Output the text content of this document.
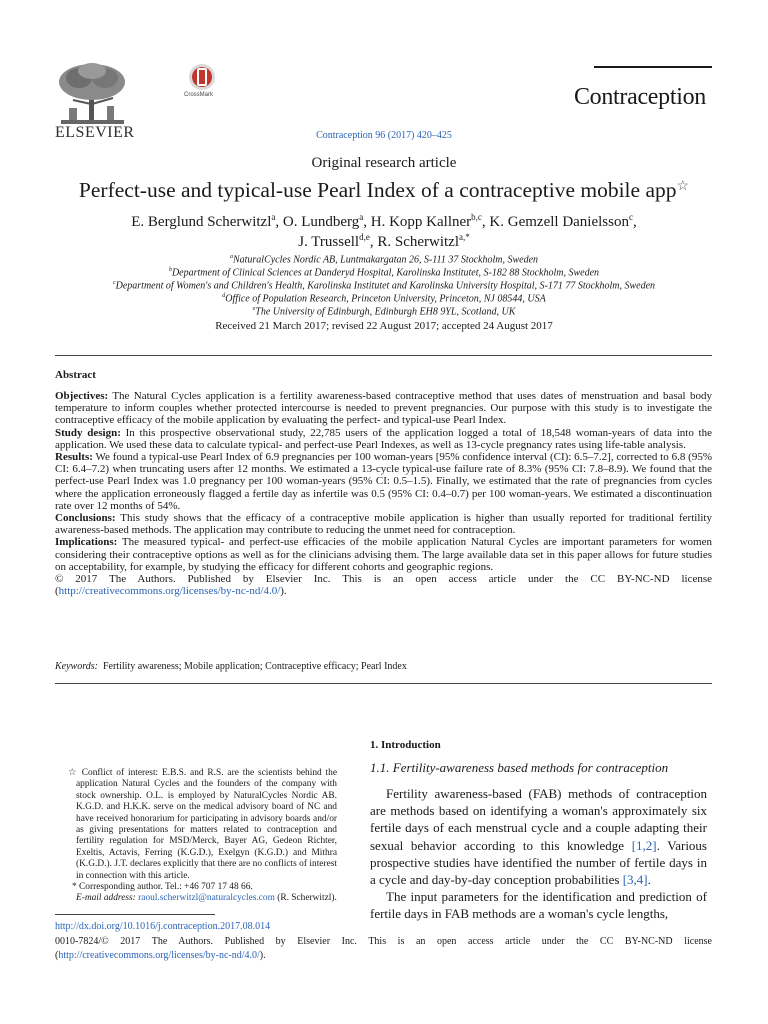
ELSEVIER
CrossMark
Contraception 96 (2017) 420–425
Contraception
Original research article
Perfect-use and typical-use Pearl Index of a contraceptive mobile app☆
E. Berglund Scherwitzl$^a$, O. Lundberg$^a$, H. Kopp Kallner$^{b,c}$, K. Gemzell Danielsson$^c$,
J. Trussell$^{d,e}$, R. Scherwitzl$^{a,*}$
$^a$NaturalCycles Nordic AB, Luntmakargatan 26, S-111 37 Stockholm, Sweden
$^b$Department of Clinical Sciences at Danderyd Hospital, Karolinska Institutet, S-182 88 Stockholm, Sweden
$^c$Department of Women's and Children's Health, Karolinska Institutet and Karolinska University Hospital, S-171 77 Stockholm, Sweden
$^d$Office of Population Research, Princeton University, Princeton, NJ 08544, USA
$^e$The University of Edinburgh, Edinburgh EH8 9YL, Scotland, UK
Received 21 March 2017; revised 22 August 2017; accepted 24 August 2017
Abstract

Objectives: The Natural Cycles application is a fertility awareness-based contraceptive method that uses dates of menstruation and basal body temperature to inform couples whether protected intercourse is needed to prevent pregnancies. Our purpose with this study is to investigate the contraceptive efficacy of the mobile application by evaluating the perfect- and typical-use Pearl Index.

Study design: In this prospective observational study, 22,785 users of the application logged a total of 18,548 woman-years of data into the application. We used these data to calculate typical- and perfect-use Pearl Indexes, as well as 13-cycle pregnancy rates using life-table analysis.

Results: We found a typical-use Pearl Index of 6.9 pregnancies per 100 woman-years [95% confidence interval (CI): 6.5–7.2], corrected to 6.8 (95% CI: 6.4–7.2) when truncating users after 12 months. We estimated a 13-cycle typical-use failure rate of 8.3% (95% CI: 7.8–8.9). We found that the perfect-use Pearl Index was 1.0 pregnancy per 100 woman-years (95% CI: 0.5–1.5). Finally, we estimated that the rate of pregnancies from cycles where the application erroneously flagged a fertile day as infertile was 0.5 (95% CI: 0.4–0.7) per 100 woman-years. We estimated a discontinuation rate over 12 months of 54%.

Conclusions: This study shows that the efficacy of a contraceptive mobile application is higher than usually reported for traditional fertility awareness-based methods. The application may contribute to reducing the unmet need for contraception.

Implications: The measured typical- and perfect-use efficacies of the mobile application Natural Cycles are important parameters for women considering their contraceptive options as well as for the clinicians advising them. The large available data set in this paper allows for future studies on acceptability, for example, by studying the efficacy for different cohorts and geographic regions.

© 2017 The Authors. Published by Elsevier Inc. This is an open access article under the CC BY-NC-ND license (http://creativecommons.org/licenses/by-nc-nd/4.0/).

Keywords: Fertility awareness; Mobile application; Contraceptive efficacy; Pearl Index

☆ Conflict of interest: E.B.S. and R.S. are the scientists behind the application Natural Cycles and the founders of the company with stock ownership. O.L. is employed by NaturalCycles Nordic AB. K.G.D. and H.K.K. serve on the medical advisory board of NC and have received honorarium for participating in advisory boards and/or as giving presentations for matters related to contraception and fertility regulation for MSD/Merck, Bayer AG, Gedeon Richter, Exeltis, Actavis, Ferring (K.G.D.), Exelgyn (K.G.D.) and Mithra (K.G.D.). J.T. declares explicitly that there are no conflicts of interest in connection with this article.

* Corresponding author. Tel.: +46 707 17 48 66.

E-mail address: raoul.scherwitzl@naturalcycles.com (R. Scherwitzl).

1. Introduction
1.1. Fertility-awareness based methods for contraception

Fertility awareness-based (FAB) methods of contraception are methods based on identifying a woman's approximately six fertile days of each menstrual cycle and a couple adapting their sexual behavior according to this knowledge [1,2]. Various prospective studies have identified the number of fertile days in a cycle and day-by-day conception probabilities [3,4].

The input parameters for the identification and prediction of fertile days in FAB methods are a woman's cycle lengths,

http://dx.doi.org/10.1016/j.contraception.2017.08.014
0010-7824/© 2017 The Authors. Published by Elsevier Inc. This is an open access article under the CC BY-NC-ND license (http://creativecommons.org/licenses/by-nc-nd/4.0/).
